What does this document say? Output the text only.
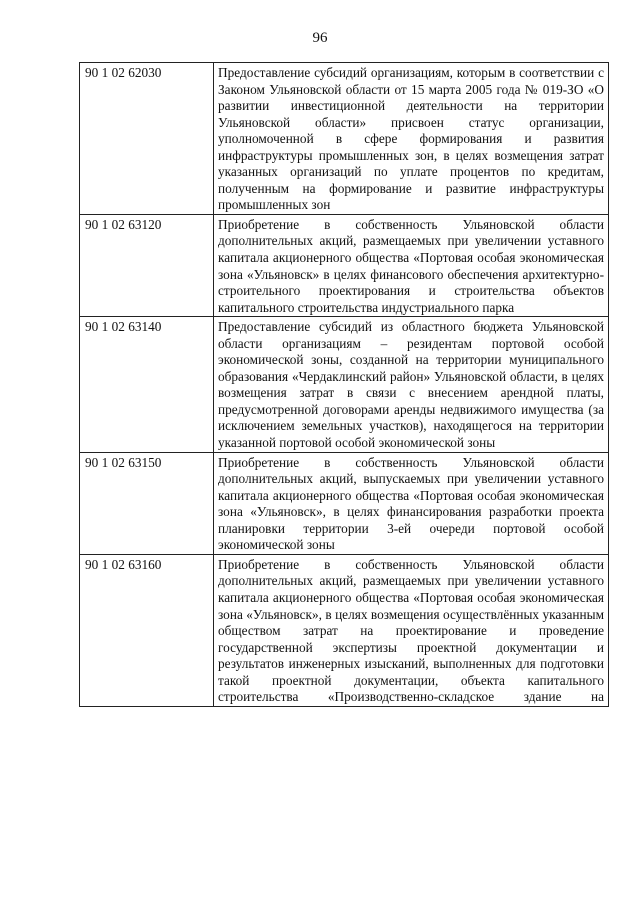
96
90 1 02 62030	Предоставление субсидий организациям, которым в соответствии с Законом Ульяновской области от 15 марта 2005 года № 019-ЗО «О развитии инвестиционной деятельности на территории Ульяновской области» присвоен статус организации, уполномоченной в сфере формирования и развития инфраструктуры промышленных зон, в целях возмещения затрат указанных организаций по уплате процентов по кредитам, полученным на формирование и развитие инфраструктуры промышленных зон
90 1 02 63120	Приобретение в собственность Ульяновской области дополнительных акций, размещаемых при увеличении уставного капитала акционерного общества «Портовая особая экономическая зона «Ульяновск» в целях финансового обеспечения архитектурно-строительного проектирования и строительства объектов капитального строительства индустриального парка
90 1 02 63140	Предоставление субсидий из областного бюджета Ульяновской области организациям – резидентам портовой особой экономической зоны, созданной на территории муниципального образования «Чердаклинский район» Ульяновской области, в целях возмещения затрат в связи с внесением арендной платы, предусмотренной договорами аренды недвижимого имущества (за исключением земельных участков), находящегося на территории указанной портовой особой экономической зоны
90 1 02 63150	Приобретение в собственность Ульяновской области дополнительных акций, выпускаемых при увеличении уставного капитала акционерного общества «Портовая особая экономическая зона «Ульяновск», в целях финансирования разработки проекта планировки территории 3-ей очереди портовой особой экономической зоны
90 1 02 63160	Приобретение в собственность Ульяновской области дополнительных акций, размещаемых при увеличении уставного капитала акционерного общества «Портовая особая экономическая зона «Ульяновск», в целях возмещения осуществлённых указанным обществом затрат на проектирование и проведение государственной экспертизы проектной документации и результатов инженерных изысканий, выполненных для подготовки такой проектной документации, объекта капитального строительства «Производственно-складское здание на
